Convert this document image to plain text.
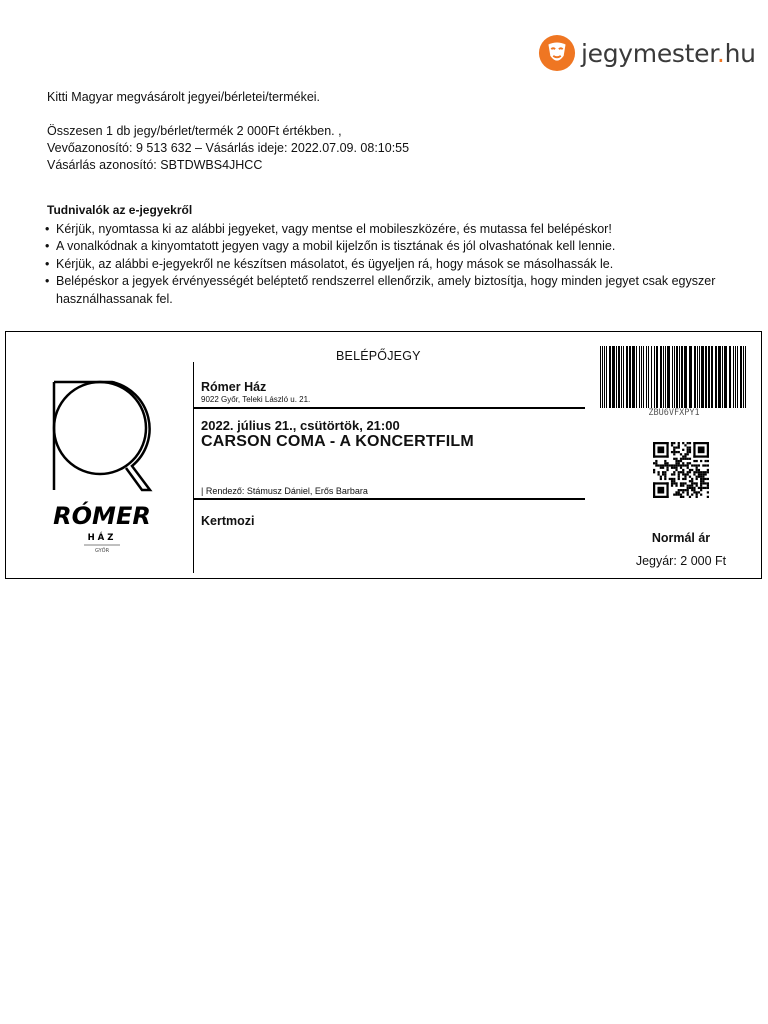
jegymester.hu

Kitti Magyar megvásárolt jegyei/bérletei/termékei.

Összesen 1 db jegy/bérlet/termék 2 000Ft értékben. ,

Vevőazonosító: 9 513 632 – Vásárlás ideje: 2022.07.09. 08:10:55

Vásárlás azonosító: SBTDWBS4JHCC

Tudnivalók az e-jegyekről
• Kérjük, nyomtassa ki az alábbi jegyeket, vagy mentse el mobileszközére, és mutassa fel belépéskor!
• A vonalkódnak a kinyomtatott jegyen vagy a mobil kijelzőn is tisztának és jól olvashatónak kell lennie.
• Kérjük, az alábbi e-jegyekről ne készítsen másolatot, és ügyeljen rá, hogy mások se másolhassák le.
• Belépéskor a jegyek érvényességét beléptető rendszerrel ellenőrzik, amely biztosítja, hogy minden jegyet csak egyszer használhassanak fel.
RÓMER
HÁZ
GYŐR
BELÉPŐJEGY
Rómer Ház
9022 Győr, Teleki László u. 21.
2022. július 21., csütörtök, 21:00
CARSON COMA - A KONCERTFILM
| Rendező: Stámusz Dániel, Erős Barbara
Kertmozi
ZBU6VFXPY1
Normál ár
Jegyár: 2 000 Ft
